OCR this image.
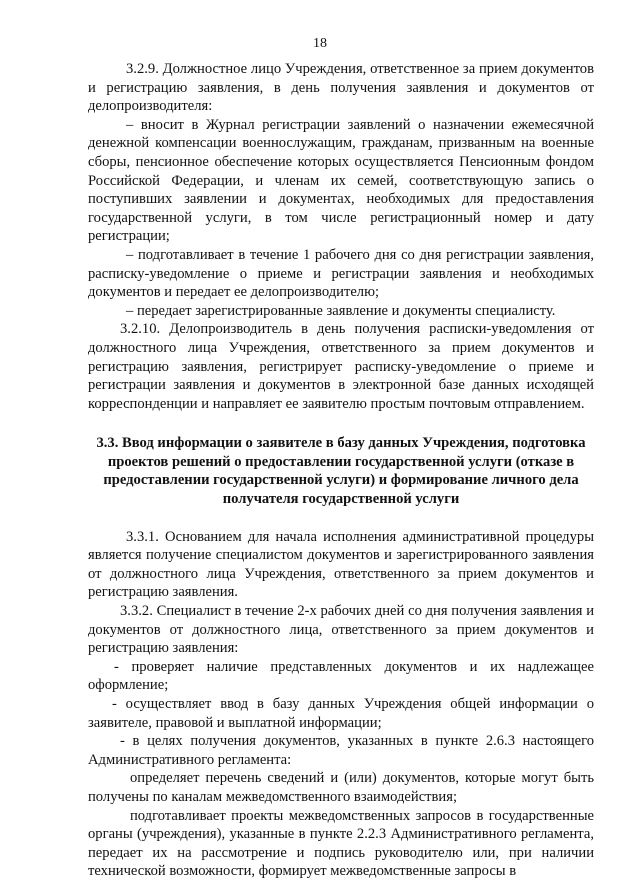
18

3.2.9. Должностное лицо Учреждения, ответственное за прием документов и регистрацию заявления, в день получения заявления и документов от делопроизводителя:

– вносит в Журнал регистрации заявлений о назначении ежемесячной денежной компенсации военнослужащим, гражданам, призванным на военные сборы, пенсионное обеспечение которых осуществляется Пенсионным фондом Российской Федерации, и членам их семей, соответствующую запись о поступивших заявлении и документах, необходимых для предоставления государственной услуги, в том числе регистрационный номер и дату регистрации;

– подготавливает в течение 1 рабочего дня со дня регистрации заявления, расписку-уведомление о приеме и регистрации заявления и необходимых документов и передает ее делопроизводителю;

– передает зарегистрированные заявление и документы специалисту.

3.2.10. Делопроизводитель в день получения расписки-уведомления от должностного лица Учреждения, ответственного за прием документов и регистрацию заявления, регистрирует расписку-уведомление о приеме и регистрации заявления и документов в электронной базе данных исходящей корреспонденции и направляет ее заявителю простым почтовым отправлением.

3.3. Ввод информации о заявителе в базу данных Учреждения, подготовка проектов решений о предоставлении государственной услуги (отказе в предоставлении государственной услуги) и формирование личного дела получателя государственной услуги

3.3.1. Основанием для начала исполнения административной процедуры является получение специалистом документов и зарегистрированного заявления от должностного лица Учреждения, ответственного за прием документов и регистрацию заявления.

3.3.2. Специалист в течение 2-х рабочих дней со дня получения заявления и документов от должностного лица, ответственного за прием документов и регистрацию заявления:

- проверяет наличие представленных документов и их надлежащее оформление;

- осуществляет ввод в базу данных Учреждения общей информации о заявителе, правовой и выплатной информации;

- в целях получения документов, указанных в пункте 2.6.3 настоящего Административного регламента:

определяет перечень сведений и (или) документов, которые могут быть получены по каналам межведомственного взаимодействия;

подготавливает проекты межведомственных запросов в государственные органы (учреждения), указанные в пункте 2.2.3 Административного регламента, передает их на рассмотрение и подпись руководителю или, при наличии технической возможности, формирует межведомственные запросы в
